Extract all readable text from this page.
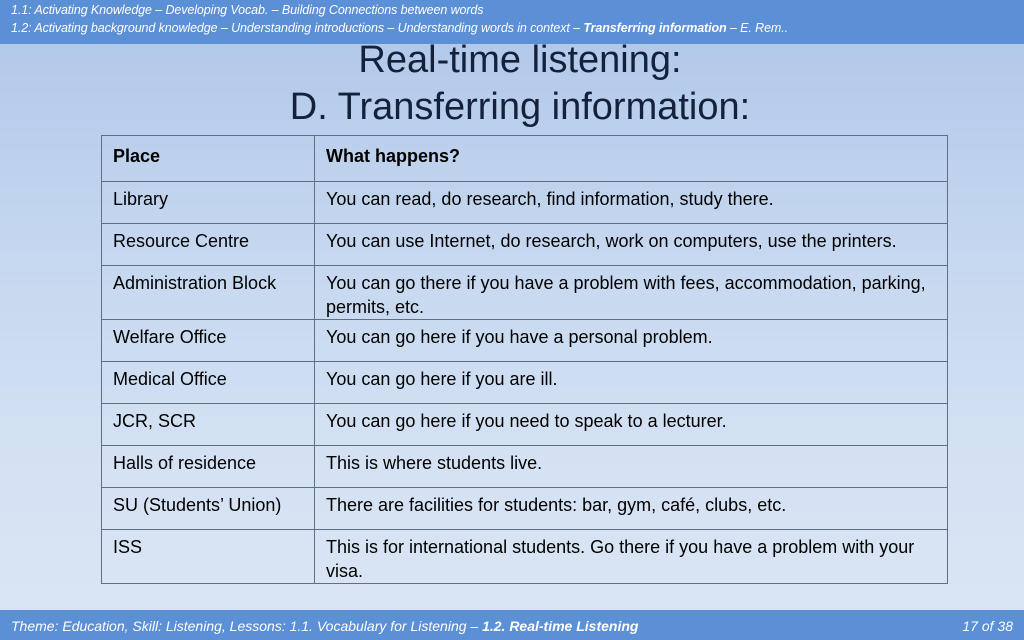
1.1: Activating Knowledge – Developing Vocab. – Building Connections between words
1.2: Activating background knowledge – Understanding introductions – Understanding words in context – Transferring information – E. Rem..
Real-time listening:
D. Transferring information:
Place	What happens?
Library	You can read, do research, find information, study there.
Resource Centre	You can use Internet, do research, work on computers, use the printers.
Administration Block	You can go there if you have a problem with fees, accommodation, parking, permits, etc.
Welfare Office	You can go here if you have a personal problem.
Medical Office	You can go here if you are ill.
JCR, SCR	You can go here if you need to speak to a lecturer.
Halls of residence	This is where students live.
SU (Students’ Union)	There are facilities for students: bar, gym, café, clubs, etc.
ISS	This is for international students. Go there if you have a problem with your visa.
Theme: Education, Skill: Listening, Lessons: 1.1. Vocabulary for Listening – 1.2. Real-time Listening	17 of 38
